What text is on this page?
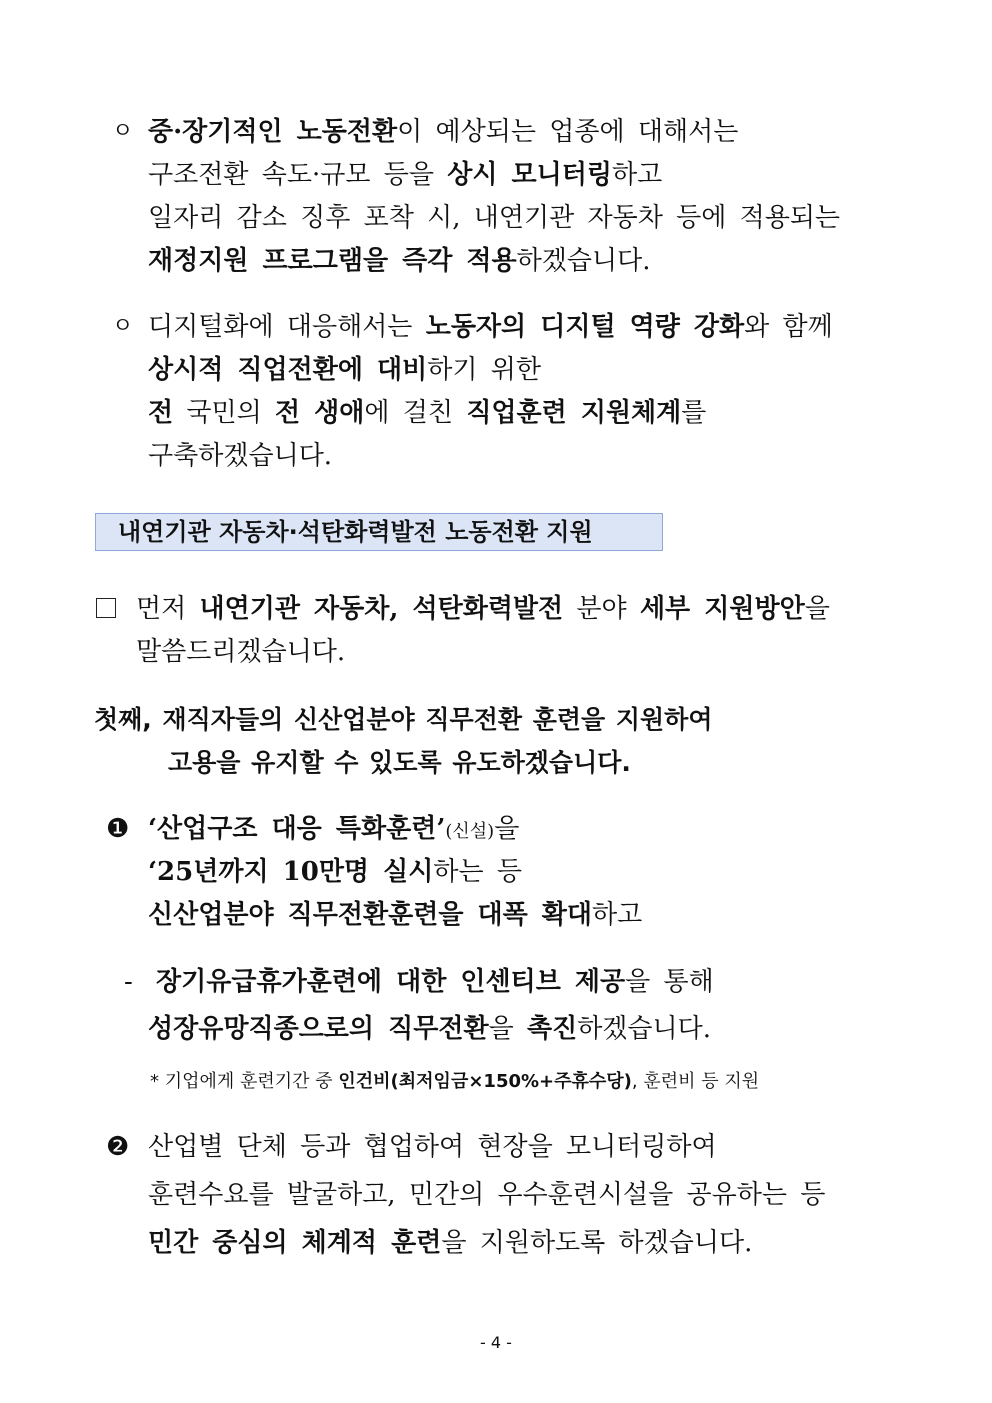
ㅇ 중·장기적인 노동전환이 예상되는 업종에 대해서는
구조전환 속도·규모 등을 상시 모니터링하고
일자리 감소 징후 포착 시, 내연기관 자동차 등에 적용되는
재정지원 프로그램을 즉각 적용하겠습니다.
ㅇ 디지털화에 대응해서는 노동자의 디지털 역량 강화와 함께
상시적 직업전환에 대비하기 위한
전 국민의 전 생애에 걸친 직업훈련 지원체계를
구축하겠습니다.
내연기관 자동차·석탄화력발전 노동전환 지원
먼저 내연기관 자동차, 석탄화력발전 분야 세부 지원방안을
말씀드리겠습니다.
첫째, 재직자들의 신산업분야 직무전환 훈련을 지원하여
고용을 유지할 수 있도록 유도하겠습니다.
❶ ‘산업구조 대응 특화훈련’(신설)을
‘25년까지 10만명 실시하는 등
신산업분야 직무전환훈련을 대폭 확대하고
- 장기유급휴가훈련에 대한 인센티브 제공을 통해
성장유망직종으로의 직무전환을 촉진하겠습니다.
* 기업에게 훈련기간 중 인건비(최저임금×150%+주휴수당), 훈련비 등 지원
❷ 산업별 단체 등과 협업하여 현장을 모니터링하여
훈련수요를 발굴하고, 민간의 우수훈련시설을 공유하는 등
민간 중심의 체계적 훈련을 지원하도록 하겠습니다.
- 4 -
